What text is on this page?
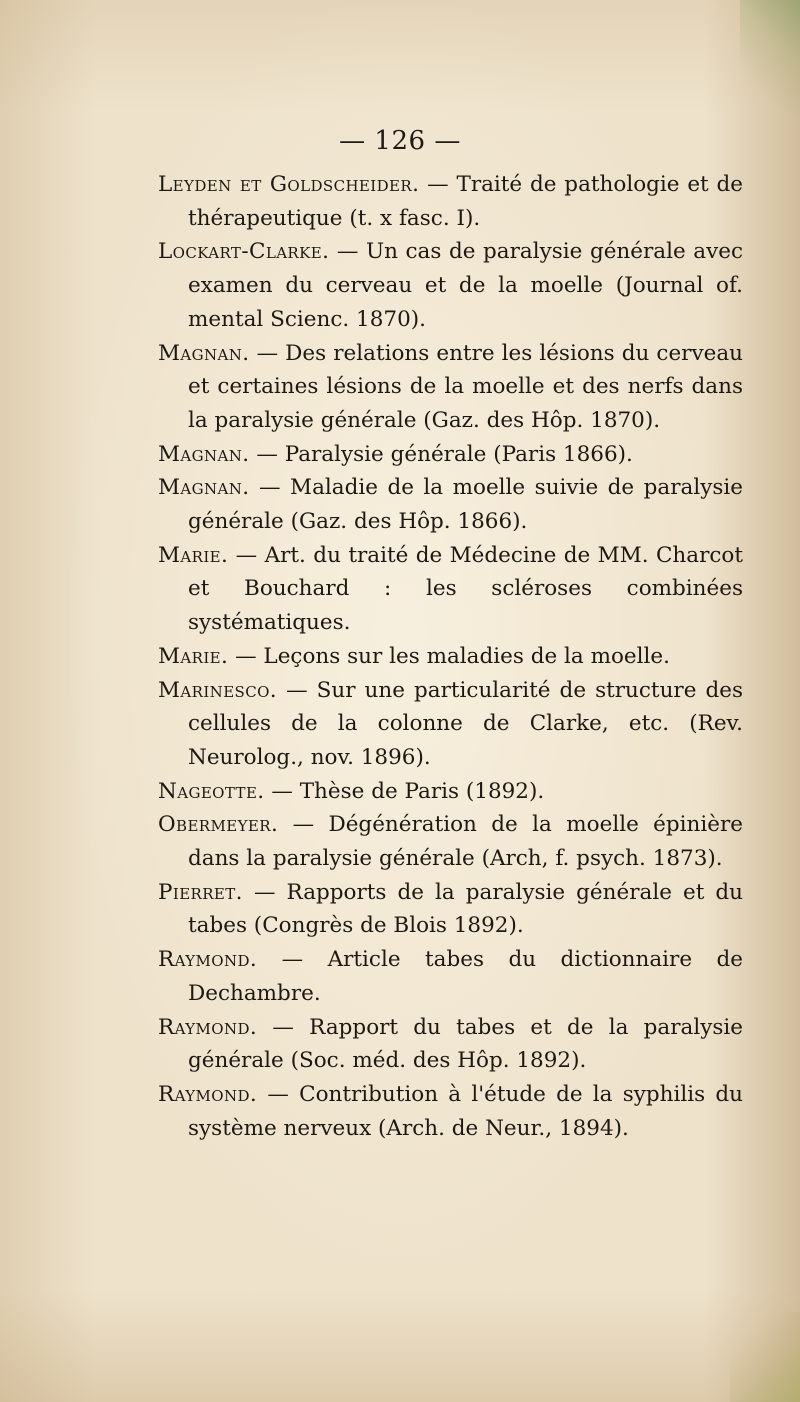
— 126 —

Leyden et Goldscheider. — Traité de pathologie et de thérapeutique (t. x fasc. I).

Lockart-Clarke. — Un cas de paralysie générale avec examen du cerveau et de la moelle (Journal of. mental Scienc. 1870).

Magnan. — Des relations entre les lésions du cerveau et certaines lésions de la moelle et des nerfs dans la paralysie générale (Gaz. des Hôp. 1870).

Magnan. — Paralysie générale (Paris 1866).

Magnan. — Maladie de la moelle suivie de paralysie générale (Gaz. des Hôp. 1866).

Marie. — Art. du traité de Médecine de MM. Charcot et Bouchard : les scléroses combinées systématiques.

Marie. — Leçons sur les maladies de la moelle.

Marinesco. — Sur une particularité de structure des cellules de la colonne de Clarke, etc. (Rev. Neurolog., nov. 1896).

Nageotte. — Thèse de Paris (1892).

Obermeyer. — Dégénération de la moelle épinière dans la paralysie générale (Arch, f. psych. 1873).

Pierret. — Rapports de la paralysie générale et du tabes (Congrès de Blois 1892).

Raymond. — Article tabes du dictionnaire de Dechambre.

Raymond. — Rapport du tabes et de la paralysie générale (Soc. méd. des Hôp. 1892).

Raymond. — Contribution à l'étude de la syphilis du système nerveux (Arch. de Neur., 1894).
